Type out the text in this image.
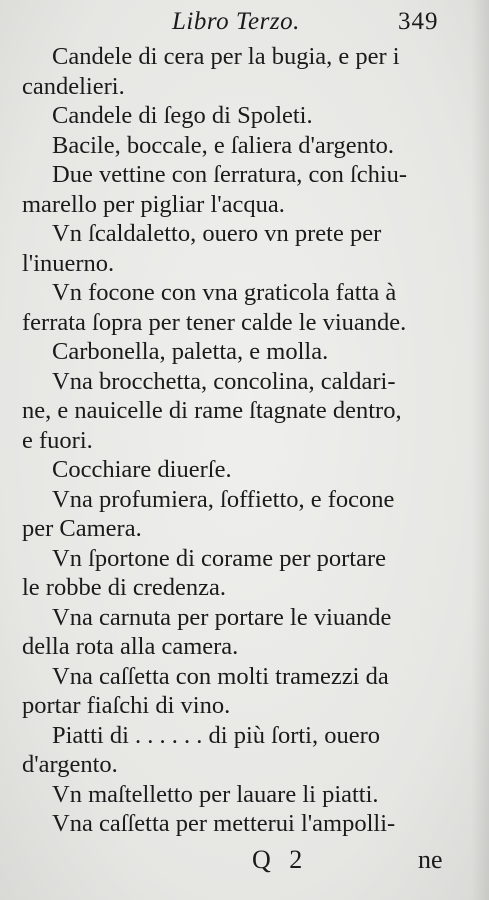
Libro Terzo.	349
Candele di cera per la bugia, e per i
candelieri.
Candele di ſego di Spoleti.
Bacile, boccale, e ſaliera d'argento.
Due vettine con ſerratura, con ſchiu-
marello per pigliar l'acqua.
Vn ſcaldaletto, ouero vn prete per
l'inuerno.
Vn focone con vna graticola fatta à
ferrata ſopra per tener calde le viuande.
Carbonella, paletta, e molla.
Vna brocchetta, concolina, caldari-
ne, e nauicelle di rame ſtagnate dentro,
e fuori.
Cocchiare diuerſe.
Vna profumiera, ſoffietto, e focone
per Camera.
Vn ſportone di corame per portare
le robbe di credenza.
Vna carnuta per portare le viuande
della rota alla camera.
Vna caſſetta con molti tramezzi da
portar fiaſchi di vino.
Piatti di . . . . . . di più ſorti, ouero
d'argento.
Vn maſtelletto per lauare li piatti.
Vna caſſetta per metterui l'ampolli-
Q 2	ne
